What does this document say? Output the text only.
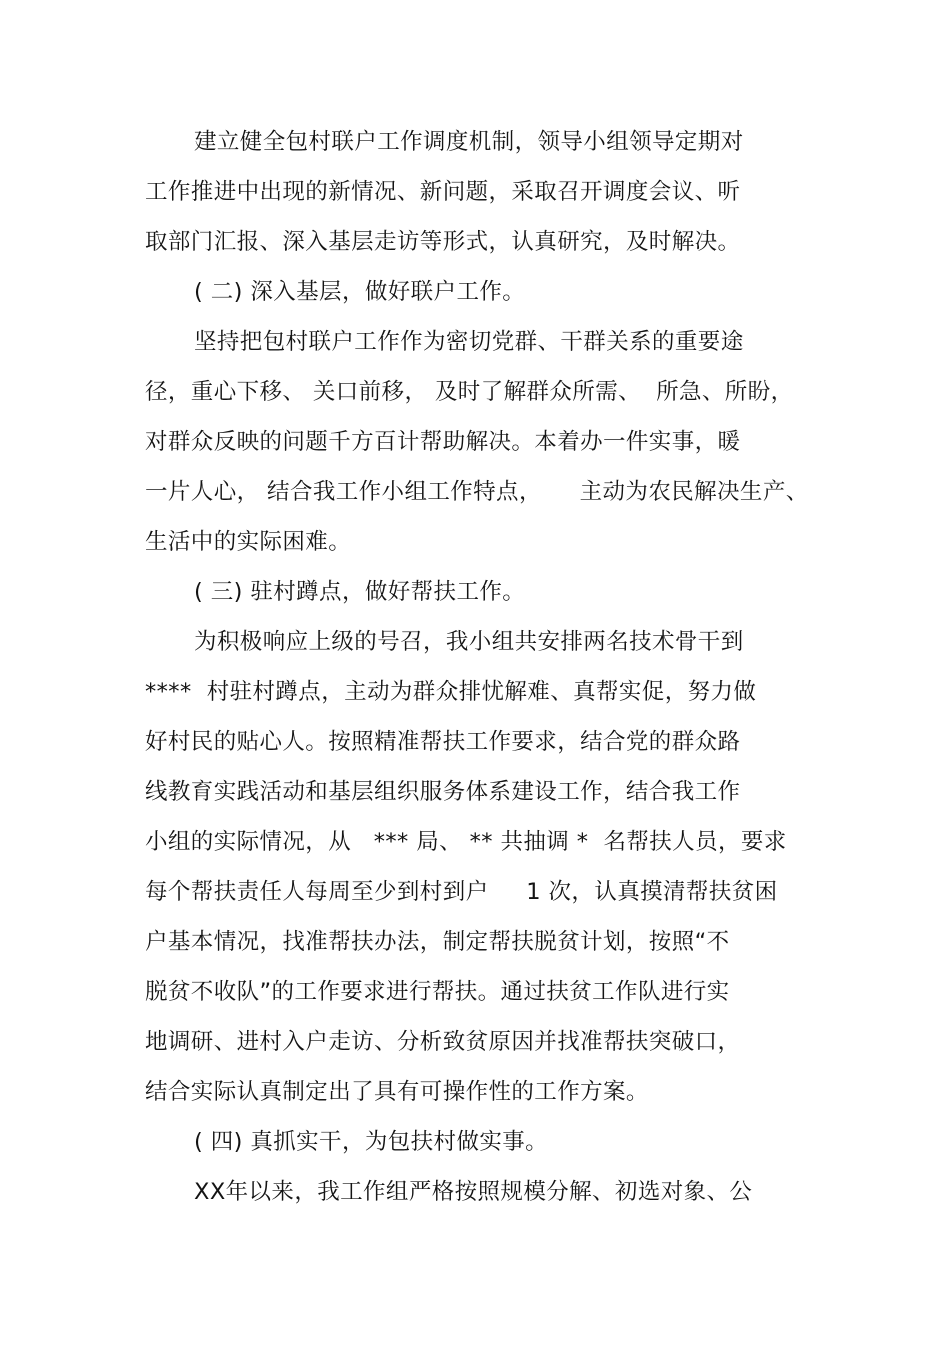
建立健全包村联户工作调度机制，领导小组领导定期对

工作推进中出现的新情况、新问题，采取召开调度会议、听

取部门汇报、深入基层走访等形式，认真研究，及时解决。

( 二) 深入基层，做好联户工作。

坚持把包村联户工作作为密切党群、干群关系的重要途

径，重心下移、 关口前移， 及时了解群众所需、  所急、所盼，

对群众反映的问题千方百计帮助解决。本着办一件实事，暖

一片人心， 结合我工作小组工作特点，     主动为农民解决生产、

生活中的实际困难。

( 三) 驻村蹲点，做好帮扶工作。

为积极响应上级的号召，我小组共安排两名技术骨干到

****  村驻村蹲点，主动为群众排忧解难、真帮实促，努力做

好村民的贴心人。按照精准帮扶工作要求，结合党的群众路

线教育实践活动和基层组织服务体系建设工作，结合我工作

小组的实际情况，从   *** 局、 ** 共抽调 *  名帮扶人员，要求

每个帮扶责任人每周至少到村到户     1 次，认真摸清帮扶贫困

户基本情况，找准帮扶办法，制定帮扶脱贫计划，按照“不

脱贫不收队”的工作要求进行帮扶。通过扶贫工作队进行实

地调研、进村入户走访、分析致贫原因并找准帮扶突破口，

结合实际认真制定出了具有可操作性的工作方案。

( 四) 真抓实干，为包扶村做实事。

XX年以来，我工作组严格按照规模分解、初选对象、公
